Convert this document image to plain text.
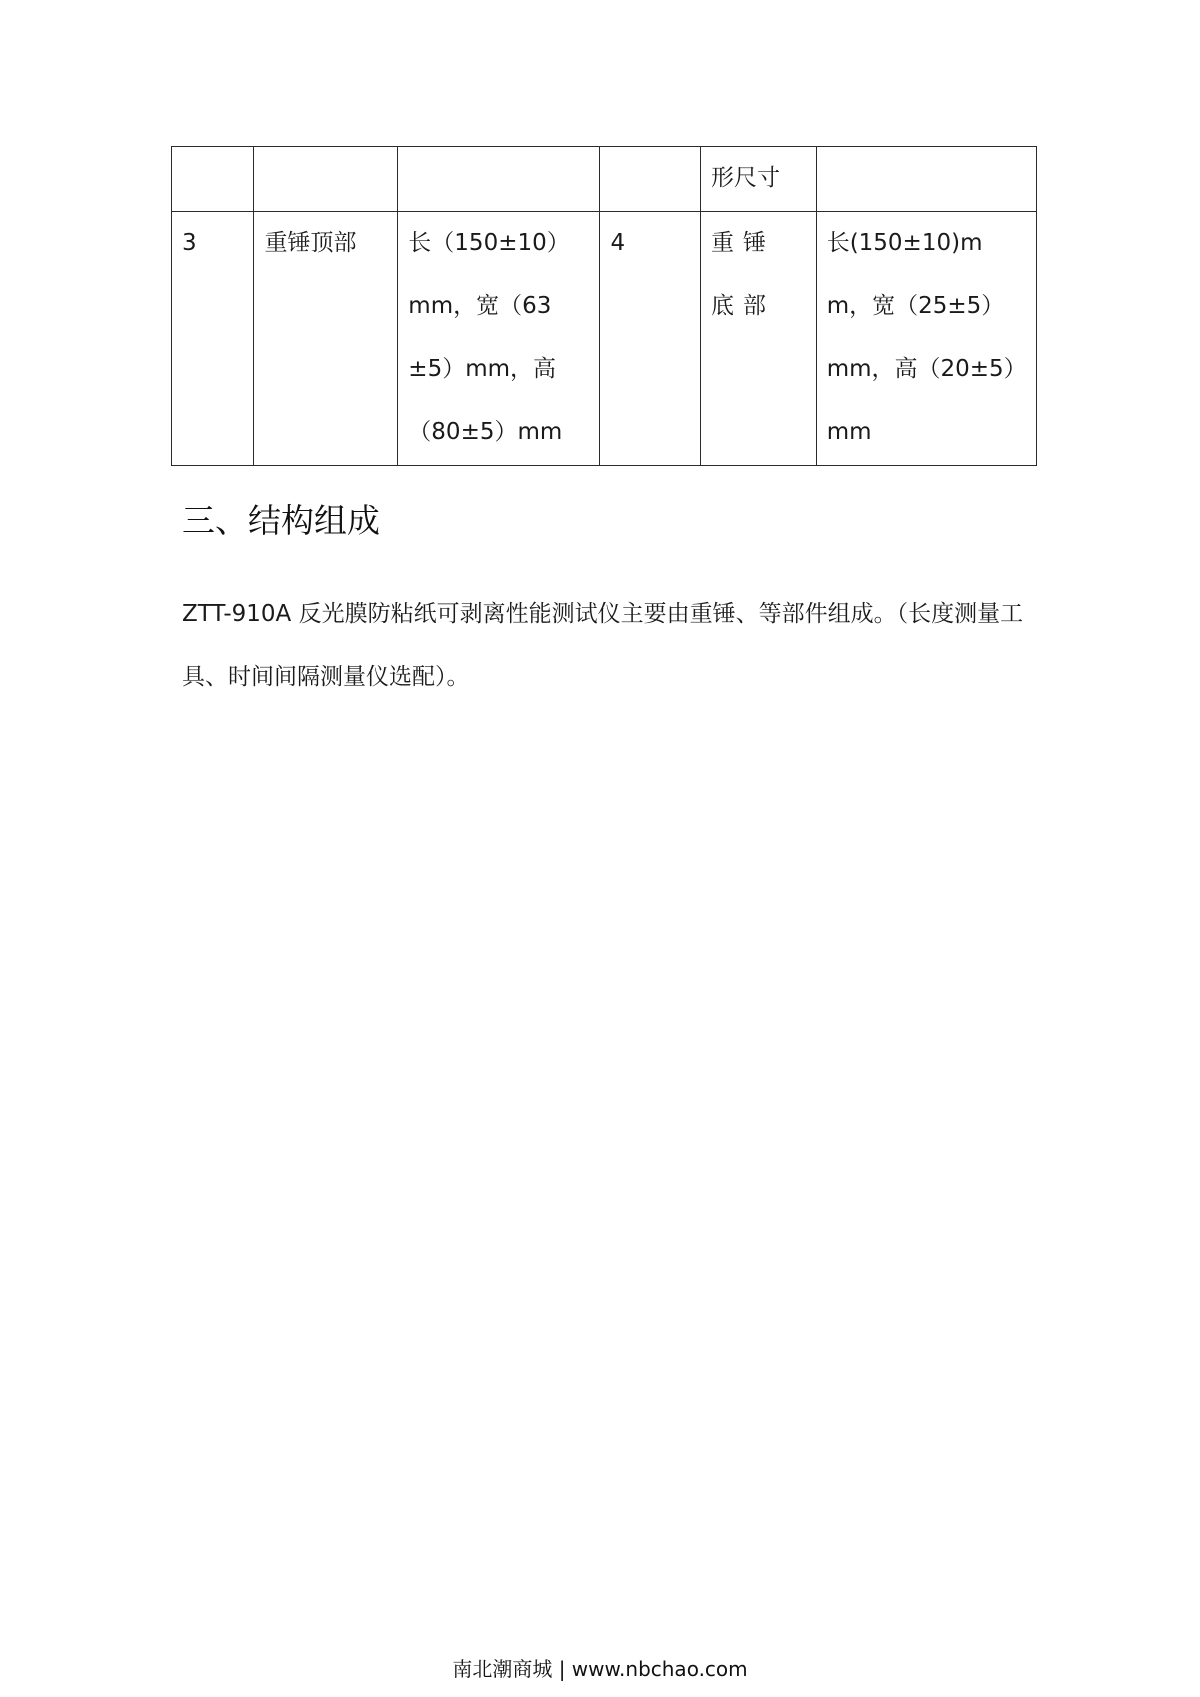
				形尺寸	
3	重锤顶部	长（150±10）mm，宽（63±5）mm，高（80±5）mm	4	重锤底部	长(150±10)mm，宽（25±5）mm，高（20±5）mm
三、结构组成

ZTT-910A 反光膜防粘纸可剥离性能测试仪主要由重锤、等部件组成。（长度测量工具、时间间隔测量仪选配）。

南北潮商城 | www.nbchao.com
